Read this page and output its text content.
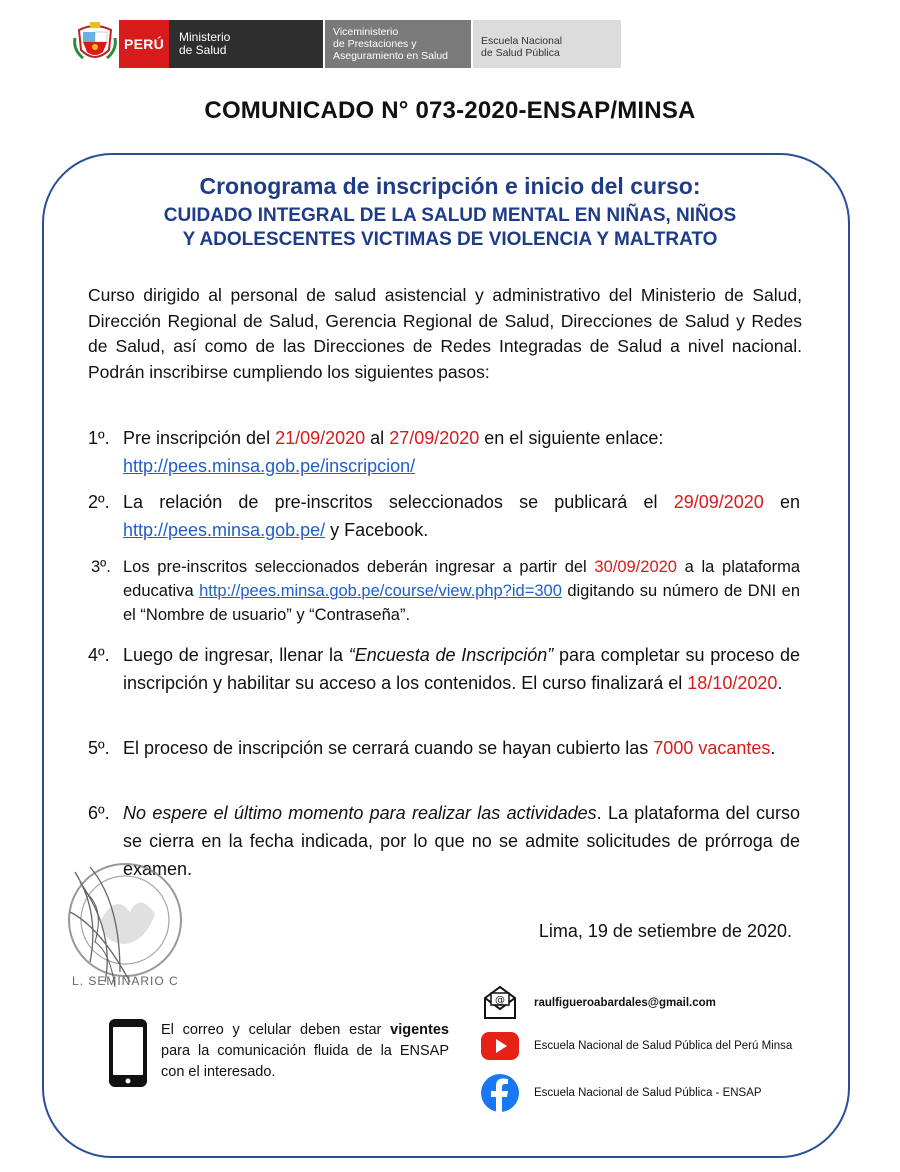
PERÚ	Ministerio
de Salud
Viceministerio
de Prestaciones y
Aseguramiento en Salud
Escuela Nacional
de Salud Pública
COMUNICADO N° 073-2020-ENSAP/MINSA
Cronograma de inscripción e inicio del curso:
CUIDADO INTEGRAL DE LA SALUD MENTAL EN NIÑAS, NIÑOS
Y ADOLESCENTES VICTIMAS DE VIOLENCIA Y MALTRATO
Curso dirigido al personal de salud asistencial y administrativo del Ministerio de Salud, Dirección Regional de Salud, Gerencia Regional de Salud, Direcciones de Salud y Redes de Salud, así como de las Direcciones de Redes Integradas de Salud a nivel nacional. Podrán inscribirse cumpliendo los siguientes pasos:
1º. Pre inscripción del 21/09/2020 al 27/09/2020 en el siguiente enlace:
http://pees.minsa.gob.pe/inscripcion/
2º. La relación de pre-inscritos seleccionados se publicará el 29/09/2020 en http://pees.minsa.gob.pe/ y Facebook.
3º. Los pre-inscritos seleccionados deberán ingresar a partir del 30/09/2020 a la plataforma educativa http://pees.minsa.gob.pe/course/view.php?id=300 digitando su número de DNI en el “Nombre de usuario” y “Contraseña”.
4º. Luego de ingresar, llenar la “Encuesta de Inscripción” para completar su proceso de inscripción y habilitar su acceso a los contenidos. El curso finalizará el 18/10/2020.
5º. El proceso de inscripción se cerrará cuando se hayan cubierto las 7000 vacantes.
6º. No espere el último momento para realizar las actividades. La plataforma del curso se cierra en la fecha indicada, por lo que no se admite solicitudes de prórroga de examen.
Lima, 19 de setiembre de 2020.
L. SEMINARIO C
El correo y celular deben estar vigentes para la comunicación fluida de la ENSAP con el interesado.
@	raulfigueroabardales@gmail.com
Escuela Nacional de Salud Pública del Perú Minsa
Escuela Nacional de Salud Pública - ENSAP
